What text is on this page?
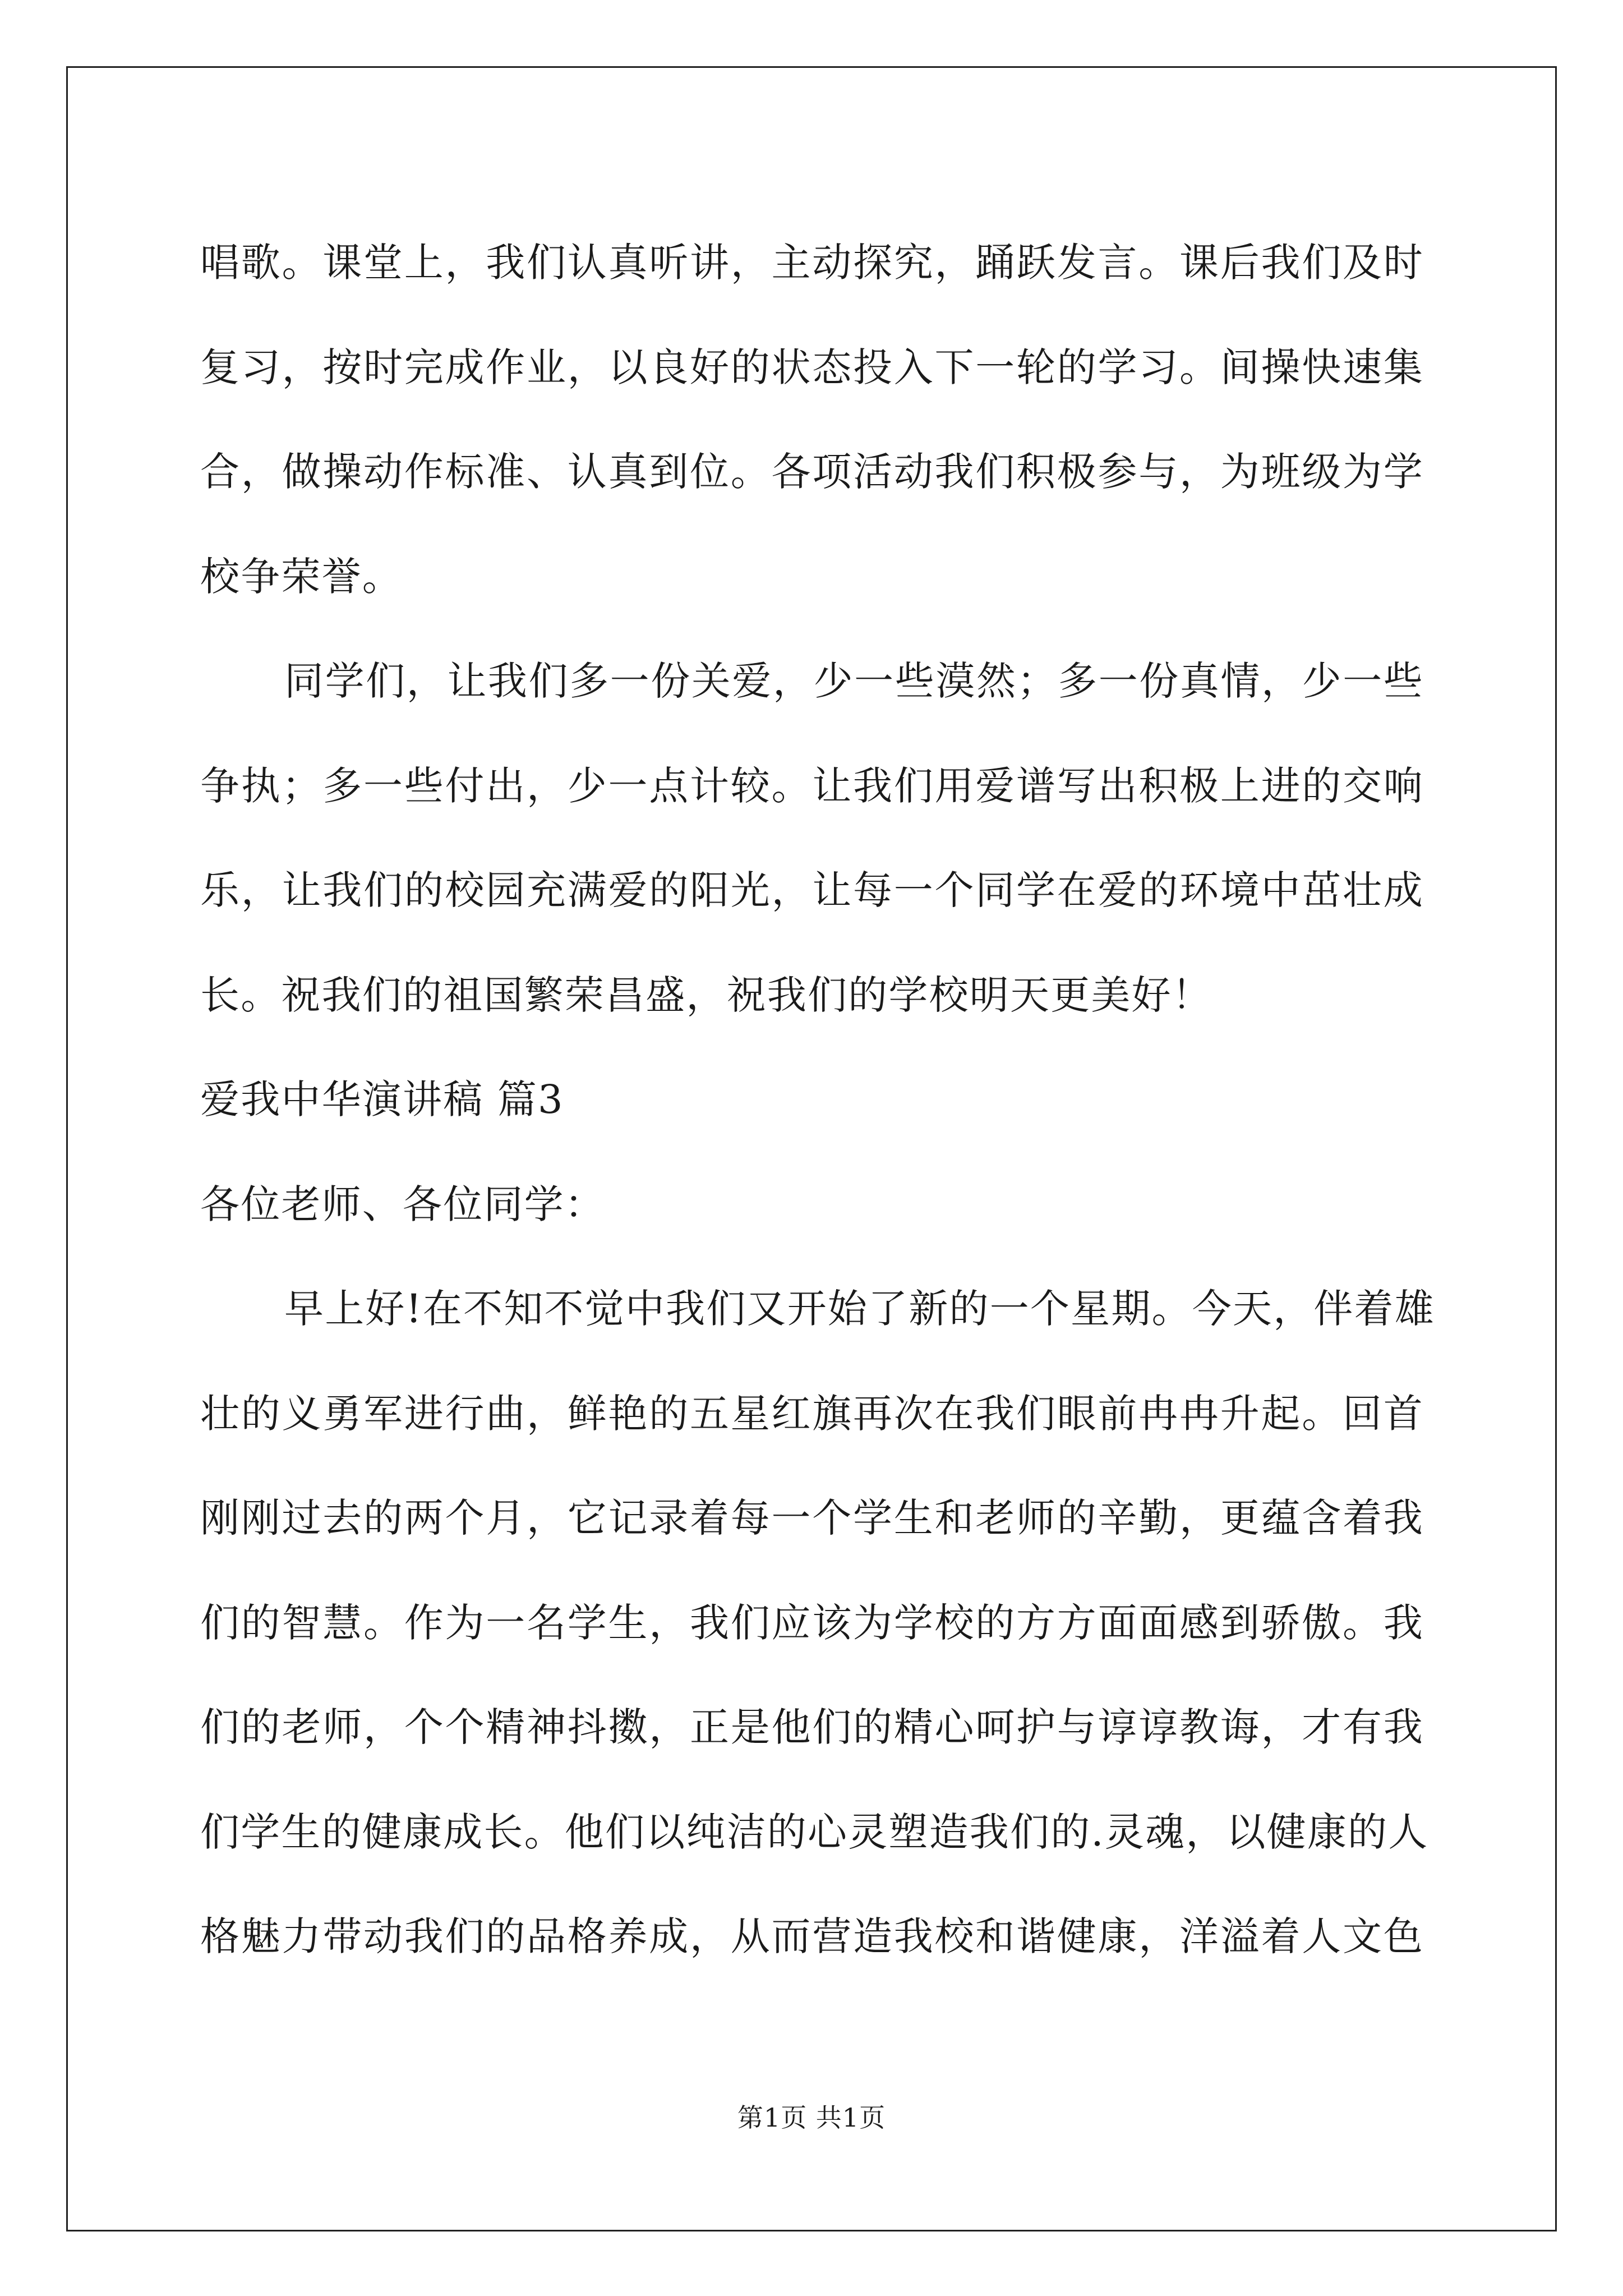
唱歌。课堂上，我们认真听讲，主动探究，踊跃发言。课后我们及时
复习，按时完成作业，以良好的状态投入下一轮的学习。间操快速集
合，做操动作标准、认真到位。各项活动我们积极参与，为班级为学
校争荣誉。
同学们，让我们多一份关爱，少一些漠然；多一份真情，少一些
争执；多一些付出，少一点计较。让我们用爱谱写出积极上进的交响
乐，让我们的校园充满爱的阳光，让每一个同学在爱的环境中茁壮成
长。祝我们的祖国繁荣昌盛，祝我们的学校明天更美好！
爱我中华演讲稿 篇3
各位老师、各位同学：
早上好!在不知不觉中我们又开始了新的一个星期。今天，伴着雄
壮的义勇军进行曲，鲜艳的五星红旗再次在我们眼前冉冉升起。回首
刚刚过去的两个月，它记录着每一个学生和老师的辛勤，更蕴含着我
们的智慧。作为一名学生，我们应该为学校的方方面面感到骄傲。我
们的老师，个个精神抖擞，正是他们的精心呵护与谆谆教诲，才有我
们学生的健康成长。他们以纯洁的心灵塑造我们的.灵魂，以健康的人
格魅力带动我们的品格养成，从而营造我校和谐健康，洋溢着人文色
第1页 共1页
